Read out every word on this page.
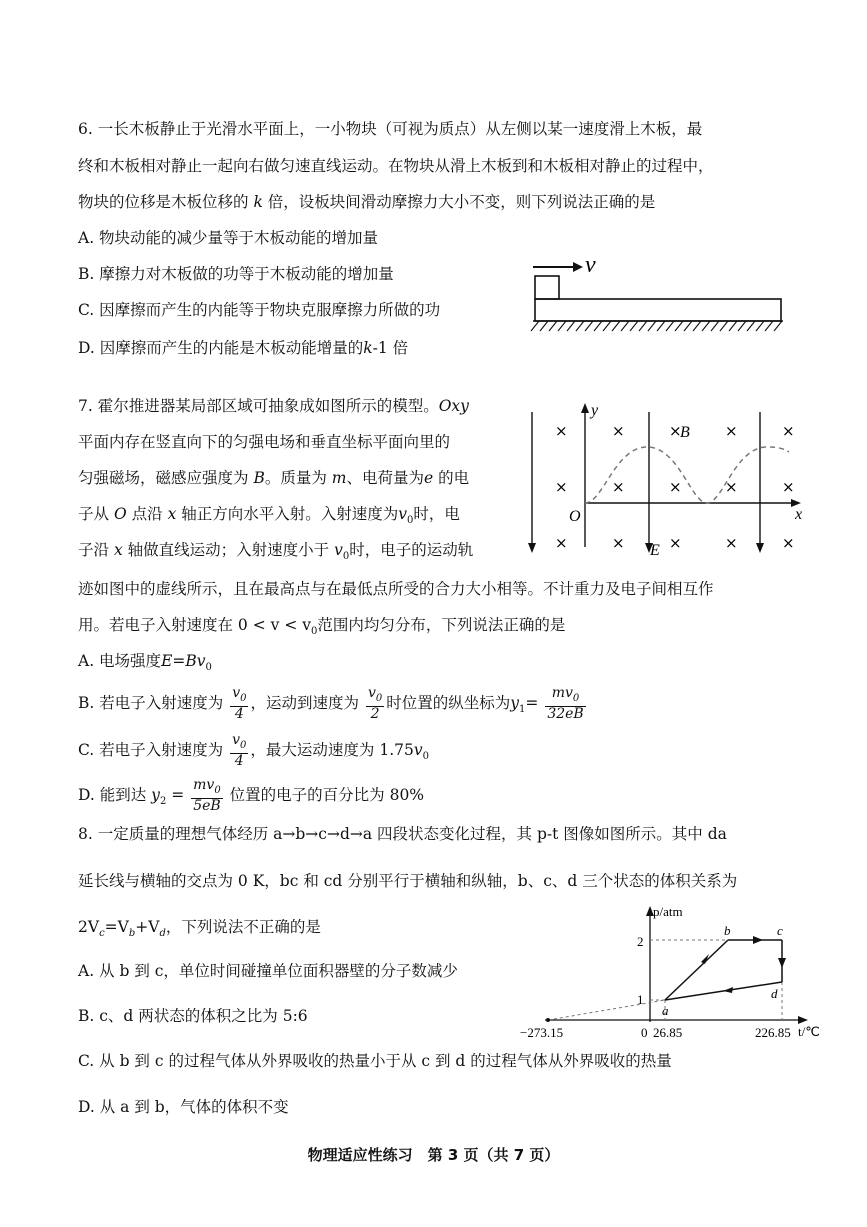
6. 一长木板静止于光滑水平面上，一小物块（可视为质点）从左侧以某一速度滑上木板，最
终和木板相对静止一起向右做匀速直线运动。在物块从滑上木板到和木板相对静止的过程中，
物块的位移是木板位移的 k 倍，设板块间滑动摩擦力大小不变，则下列说法正确的是
A. 物块动能的减少量等于木板动能的增加量
B. 摩擦力对木板做的功等于木板动能的增加量
C. 因摩擦而产生的内能等于物块克服摩擦力所做的功
D. 因摩擦而产生的内能是木板动能增量的k-1 倍
v
7. 霍尔推进器某局部区域可抽象成如图所示的模型。Oxy
平面内存在竖直向下的匀强电场和垂直坐标平面向里的
匀强磁场，磁感应强度为 B。质量为 m、电荷量为e 的电
子从 O 点沿 x 轴正方向水平入射。入射速度为$v_0$时，电
子沿 x 轴做直线运动；入射速度小于 $v_0$时，电子的运动轨
迹如图中的虚线所示，且在最高点与在最低点所受的合力大小相等。不计重力及电子间相互作
用。若电子入射速度在 $0 < v < v_0$范围内均匀分布，下列说法正确的是
A. 电场强度$E=Bv_0$
B. 若电子入射速度为 $\frac{v_0}{4}$ ，运动到速度为 $\frac{v_0}{2}$ 时位置的纵坐标为$y_1= \frac{mv_0}{32eB}$
C. 若电子入射速度为 $\frac{v_0}{4}$ ，最大运动速度为 $1.75v_0$
D. 能到达 $y_2 = \frac{mv_0}{5eB}$ 位置的电子的百分比为 80%
×	×	×	×	×
×	×	×	×	×
×	×	×	×	×
y
x
O
B
E
8. 一定质量的理想气体经历 a→b→c→d→a 四段状态变化过程，其 p-t 图像如图所示。其中 da
延长线与横轴的交点为 0 K，bc 和 cd 分别平行于横轴和纵轴，b、c、d 三个状态的体积关系为
$2V_c=V_b+V_d$，下列说法不正确的是
A. 从 b 到 c，单位时间碰撞单位面积器壁的分子数减少
B. c、d 两状态的体积之比为 5:6
C. 从 b 到 c 的过程气体从外界吸收的热量小于从 c 到 d 的过程气体从外界吸收的热量
D. 从 a 到 b，气体的体积不变
p/atm
t/℃
2
1
−273.15	0 26.85	226.85
a
b	c
d
物理适应性练习　第 3 页（共 7 页）
